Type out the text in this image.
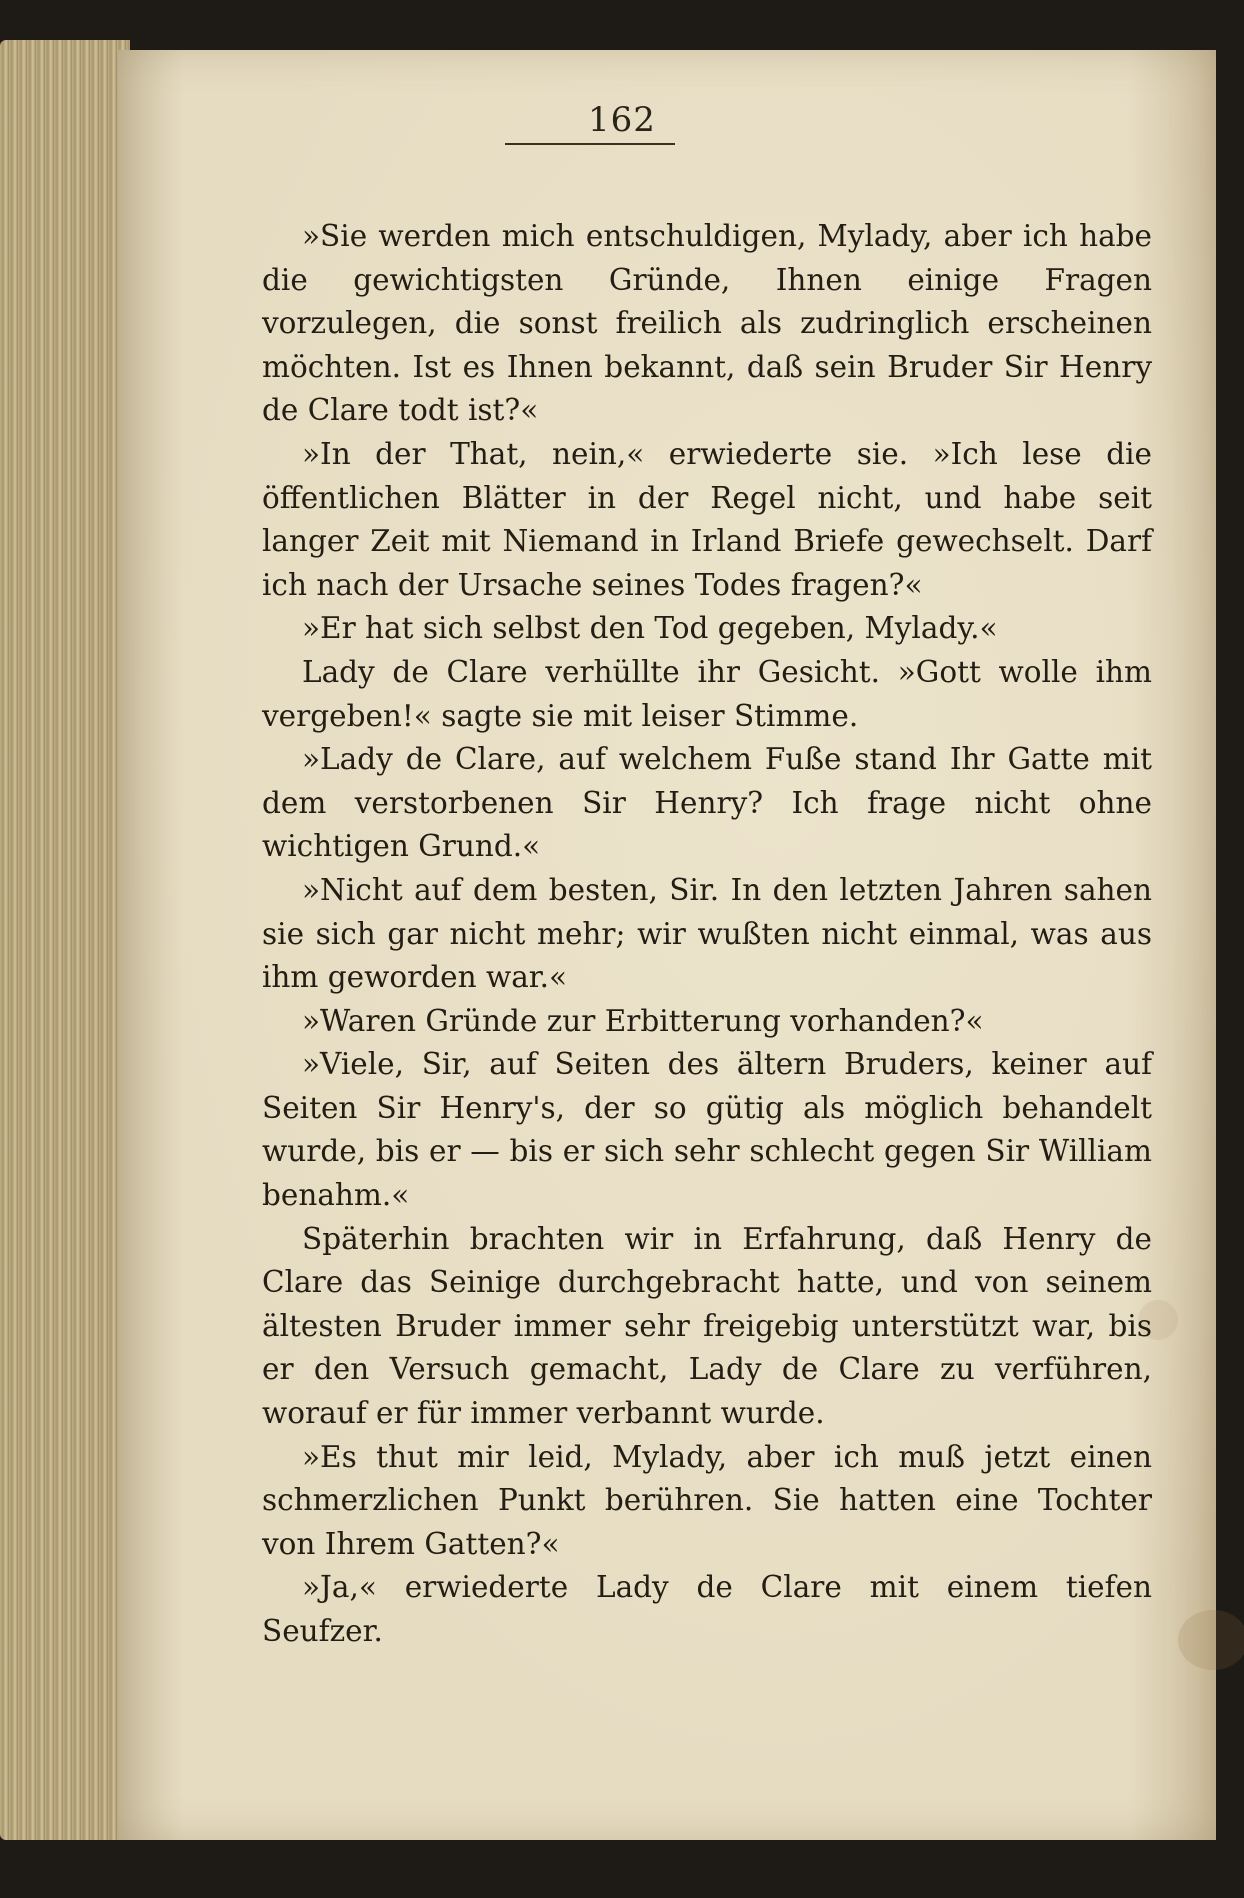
162

»Sie werden mich entschuldigen, Mylady, aber ich habe die gewichtigsten Gründe, Ihnen einige Fragen vorzulegen, die sonst freilich als zudringlich erscheinen möchten. Ist es Ihnen bekannt, daß sein Bruder Sir Henry de Clare todt ist?«

»In der That, nein,« erwiederte sie. »Ich lese die öffentlichen Blätter in der Regel nicht, und habe seit langer Zeit mit Niemand in Irland Briefe gewechselt. Darf ich nach der Ursache seines Todes fragen?«

»Er hat sich selbst den Tod gegeben, Mylady.«

Lady de Clare verhüllte ihr Gesicht. »Gott wolle ihm vergeben!« sagte sie mit leiser Stimme.

»Lady de Clare, auf welchem Fuße stand Ihr Gatte mit dem verstorbenen Sir Henry? Ich frage nicht ohne wichtigen Grund.«

»Nicht auf dem besten, Sir. In den letzten Jahren sahen sie sich gar nicht mehr; wir wußten nicht einmal, was aus ihm geworden war.«

»Waren Gründe zur Erbitterung vorhanden?«

»Viele, Sir, auf Seiten des ältern Bruders, keiner auf Seiten Sir Henry's, der so gütig als möglich behandelt wurde, bis er — bis er sich sehr schlecht gegen Sir William benahm.«

Späterhin brachten wir in Erfahrung, daß Henry de Clare das Seinige durchgebracht hatte, und von seinem ältesten Bruder immer sehr freigebig unterstützt war, bis er den Versuch gemacht, Lady de Clare zu verführen, worauf er für immer verbannt wurde.

»Es thut mir leid, Mylady, aber ich muß jetzt einen schmerzlichen Punkt berühren. Sie hatten eine Tochter von Ihrem Gatten?«

»Ja,« erwiederte Lady de Clare mit einem tiefen Seufzer.
